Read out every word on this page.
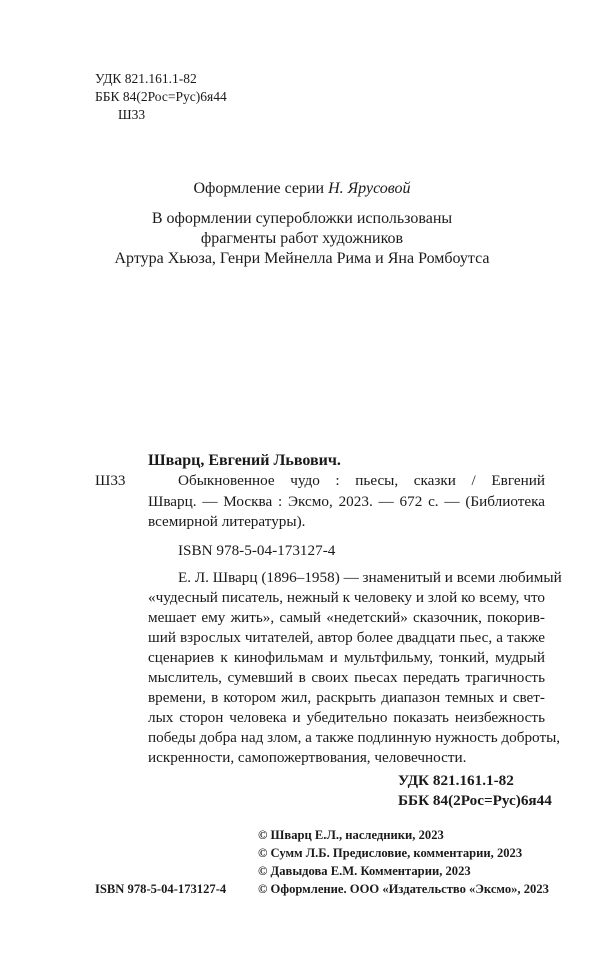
УДК 821.161.1-82
ББК 84(2Рос=Рус)6я44
Ш33
Оформление серии Н. Ярусовой
В оформлении суперобложки использованы
фрагменты работ художников
Артура Хьюза, Генри Мейнелла Рима и Яна Ромбоутса
Шварц, Евгений Львович.
Ш33	Обыкновенное чудо : пьесы, сказки / Евгений
Шварц. — Москва : Эксмо, 2023. — 672 с. — (Библиотека
всемирной литературы).
ISBN 978-5-04-173127-4
Е. Л. Шварц (1896–1958) — знаменитый и всеми любимый
«чудесный писатель, нежный к человеку и злой ко всему, что
мешает ему жить», самый «недетский» сказочник, покорив-
ший взрослых читателей, автор более двадцати пьес, а также
сценариев к кинофильмам и мультфильму, тонкий, мудрый
мыслитель, сумевший в своих пьесах передать трагичность
времени, в котором жил, раскрыть диапазон темных и свет-
лых сторон человека и убедительно показать неизбежность
победы добра над злом, а также подлинную нужность доброты,
искренности, самопожертвования, человечности.
УДК 821.161.1-82
ББК 84(2Рос=Рус)6я44
ISBN 978-5-04-173127-4
© Шварц Е.Л., наследники, 2023
© Сумм Л.Б. Предисловие, комментарии, 2023
© Давыдова Е.М. Комментарии, 2023
© Оформление. ООО «Издательство «Эксмо», 2023
